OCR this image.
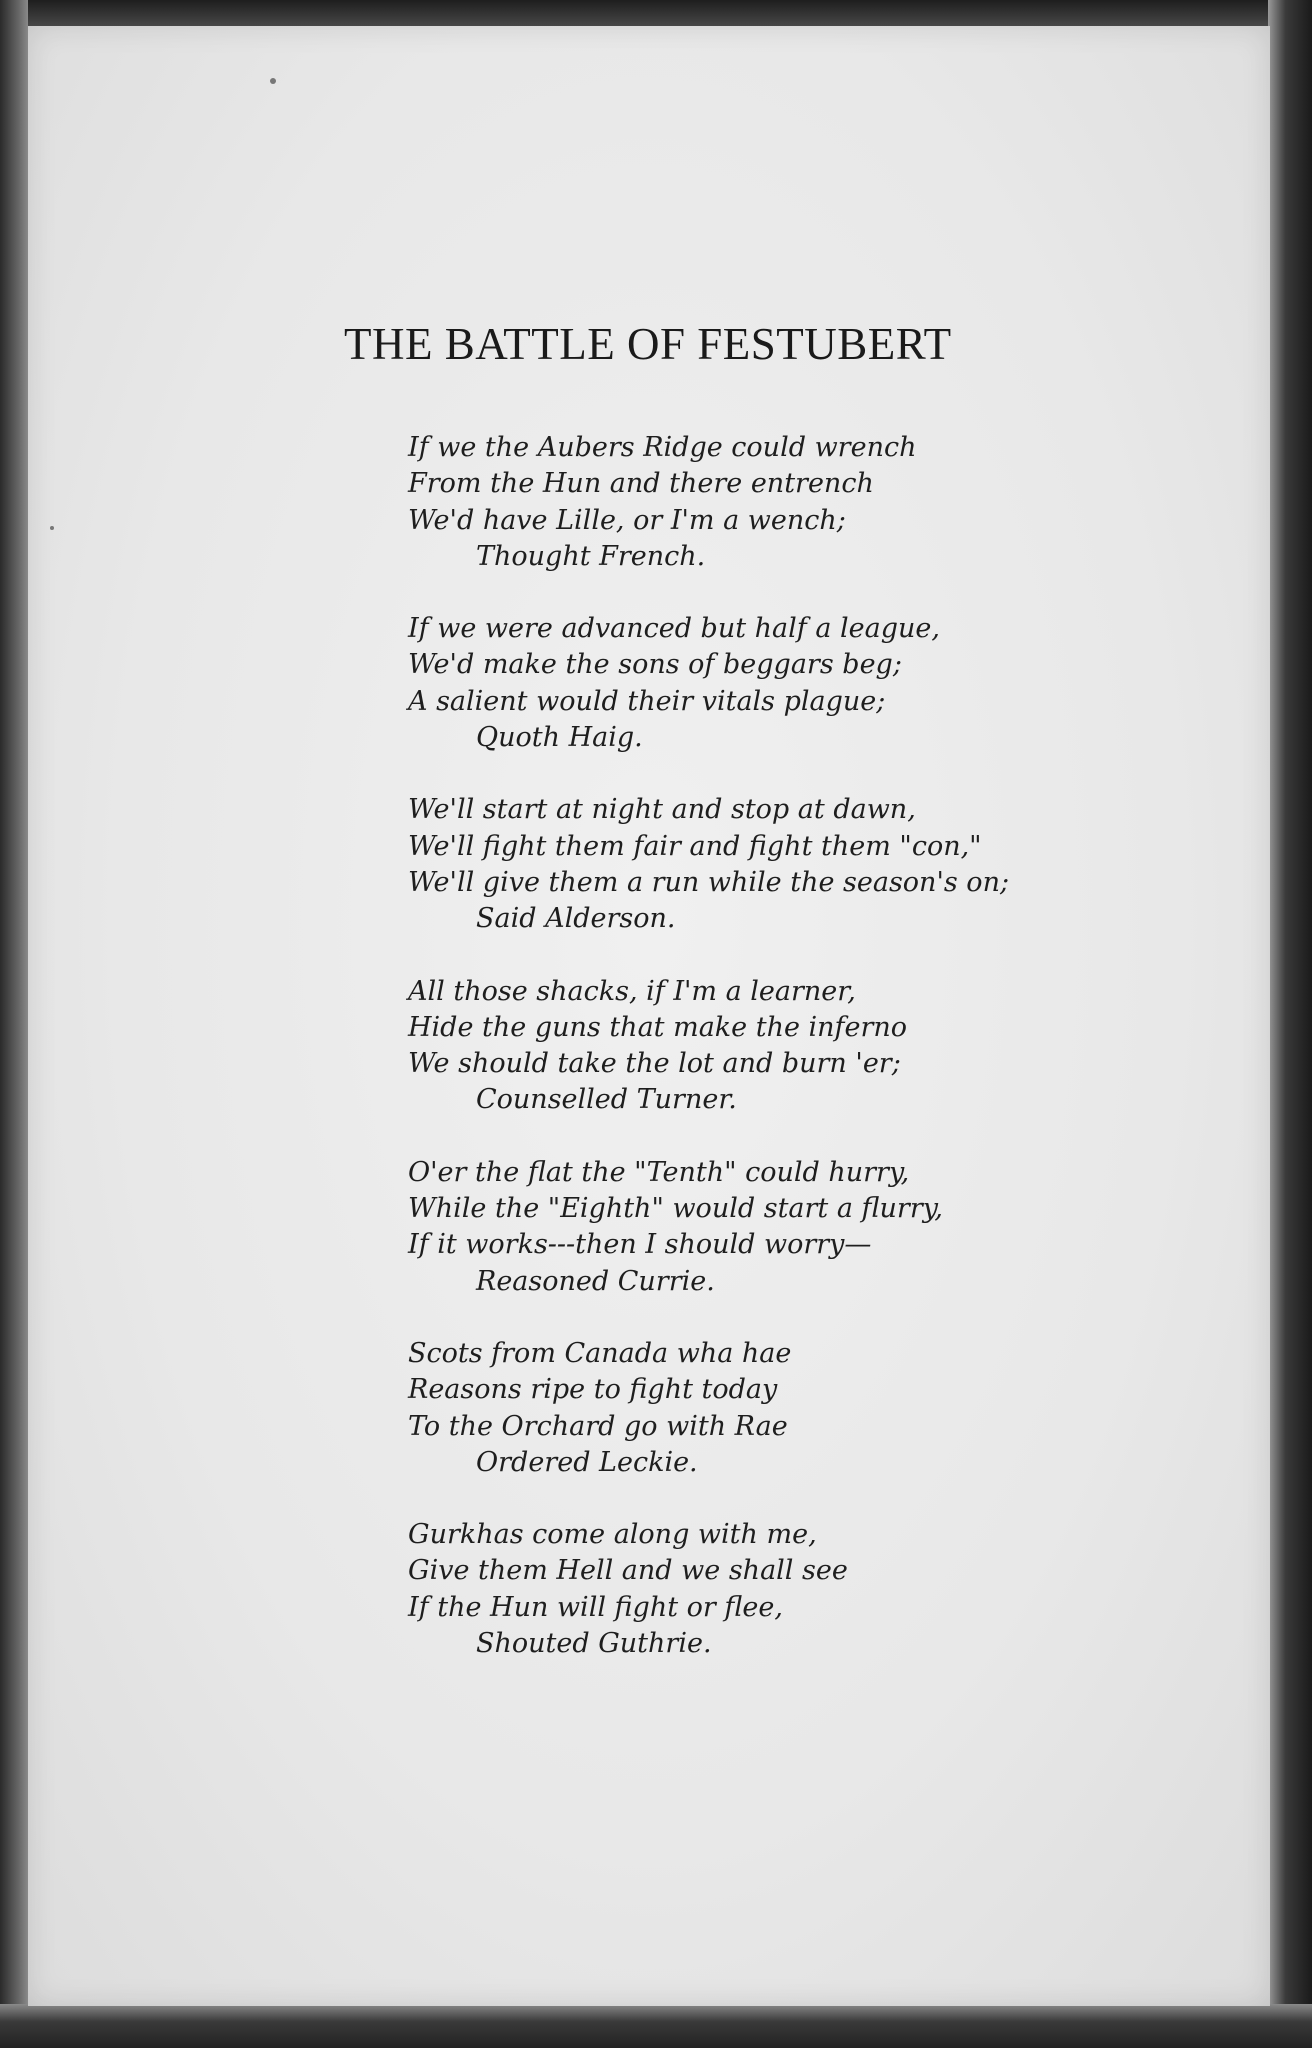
THE BATTLE OF FESTUBERT
If we the Aubers Ridge could wrench
From the Hun and there entrench
We'd have Lille, or I'm a wench;
Thought French.
If we were advanced but half a league,
We'd make the sons of beggars beg;
A salient would their vitals plague;
Quoth Haig.
We'll start at night and stop at dawn,
We'll fight them fair and fight them "con,"
We'll give them a run while the season's on;
Said Alderson.
All those shacks, if I'm a learner,
Hide the guns that make the inferno
We should take the lot and burn 'er;
Counselled Turner.
O'er the flat the "Tenth" could hurry,
While the "Eighth" would start a flurry,
If it works---then I should worry—
Reasoned Currie.
Scots from Canada wha hae
Reasons ripe to fight today
To the Orchard go with Rae
Ordered Leckie.
Gurkhas come along with me,
Give them Hell and we shall see
If the Hun will fight or flee,
Shouted Guthrie.
